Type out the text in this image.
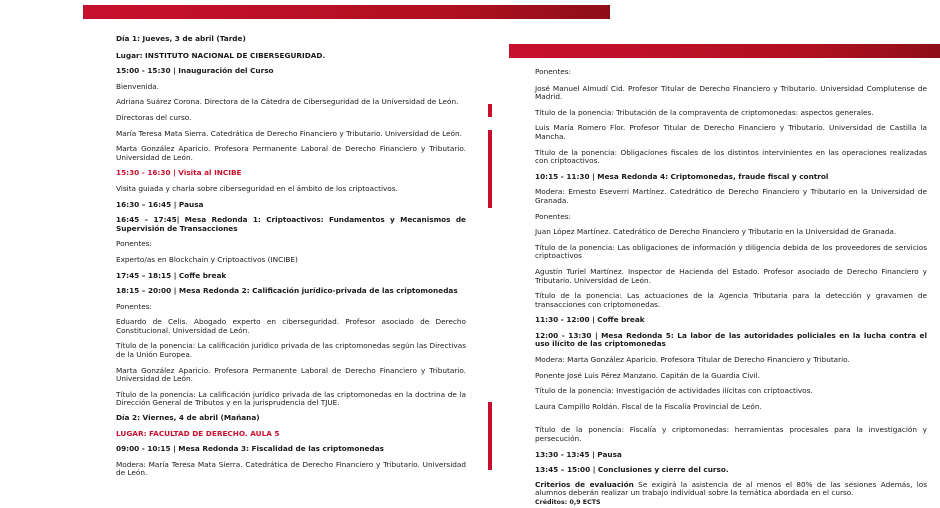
Día 1: Jueves, 3 de abril (Tarde)

Lugar: INSTITUTO NACIONAL DE CIBERSEGURIDAD.

15:00 - 15:30 | Inauguración del Curso

Bienvenida.

Adriana Suárez Corona. Directora de la Cátedra de Ciberseguridad de la Universidad de León.

Directoras del curso.

María Teresa Mata Sierra. Catedrática de Derecho Financiero y Tributario. Universidad de León.

Marta González Aparicio. Profesora Permanente Laboral de Derecho Financiero y Tributario. Universidad de León.

15:30 - 16:30 | Visita al INCIBE

Visita guiada y charla sobre ciberseguridad en el ámbito de los criptoactivos.

16:30 – 16:45 | Pausa

16:45 – 17:45| Mesa Redonda 1: Criptoactivos: Fundamentos y Mecanismos de Supervisión de Transacciones

Ponentes:

Experto/as en Blockchain y Criptoactivos (INCIBE)

17:45 – 18:15 | Coffe break

18:15 – 20:00 | Mesa Redonda 2: Calificación jurídico-privada de las criptomonedas

Ponentes:

Eduardo de Celis. Abogado experto en ciberseguridad. Profesor asociado de Derecho Constitucional. Universidad de León.

Título de la ponencia: La calificación jurídico privada de las criptomonedas según las Directivas de la Unión Europea.

Marta González Aparicio. Profesora Permanente Laboral de Derecho Financiero y Tributario. Universidad de León.

Título de la ponencia: La calificación jurídico privada de las criptomonedas en la doctrina de la Dirección General de Tributos y en la jurisprudencia del TJUE.

Día 2: Viernes, 4 de abril (Mañana)

LUGAR: FACULTAD DE DERECHO. AULA 5

09:00 - 10:15 | Mesa Redonda 3: Fiscalidad de las criptomonedas

Modera: María Teresa Mata Sierra. Catedrática de Derecho Financiero y Tributario. Universidad de León.

Ponentes:

José Manuel Almudí Cid. Profesor Titular de Derecho Financiero y Tributario. Universidad Complutense de Madrid.

Título de la ponencia: Tributación de la compraventa de criptomonedas: aspectos generales.

Luis María Romero Flor. Profesor Titular de Derecho Financiero y Tributario. Universidad de Castilla la Mancha.

Título de la ponencia: Obligaciones fiscales de los distintos intervinientes en las operaciones realizadas con criptoactivos.

10:15 - 11:30 | Mesa Redonda 4: Criptomonedas, fraude fiscal y control

Modera: Ernesto Eseverri Martínez. Catedrático de Derecho Financiero y Tributario en la Universidad de Granada.

Ponentes:

Juan López Martínez. Catedrático de Derecho Financiero y Tributario en la Universidad de Granada.

Título de la ponencia: Las obligaciones de información y diligencia debida de los proveedores de servicios criptoactivos

Agustín Turiel Martínez. Inspector de Hacienda del Estado. Profesor asociado de Derecho Financiero y Tributario. Universidad de León.

Título de la ponencia: Las actuaciones de la Agencia Tributaria para la detección y gravamen de transacciones con criptomonedas.

11:30 - 12:00 | Coffe break

12:00 - 13:30 | Mesa Redonda 5: La labor de las autoridades policiales en la lucha contra el uso ilícito de las criptomonedas

Modera: Marta González Aparicio. Profesora Titular de Derecho Financiero y Tributario.

Ponente José Luis Pérez Manzano. Capitán de la Guardia Civil.

Título de la ponencia: Investigación de actividades ilícitas con criptoactivos.

Laura Campillo Roldán. Fiscal de la Fiscalía Provincial de León.

Título de la ponencia: Fiscalía y criptomonedas: herramientas procesales para la investigación y persecución.

13:30 - 13:45 | Pausa

13:45 – 15:00 | Conclusiones y cierre del curso.

Criterios de evaluación Se exigirá la asistencia de al menos el 80% de las sesiones Además, los alumnos deberán realizar un trabajo individual sobre la temática abordada en el curso.

Créditos: 0,9 ECTS
